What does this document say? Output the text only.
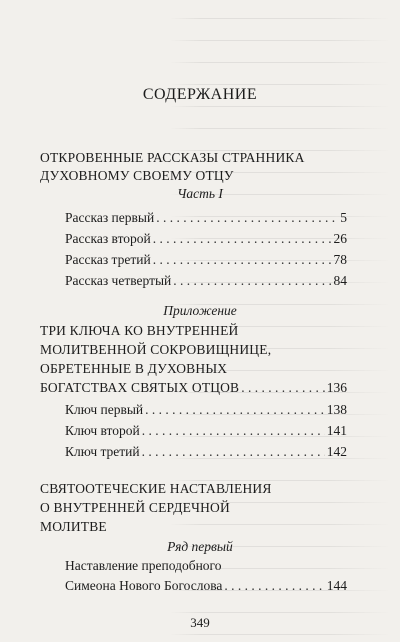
СОДЕРЖАНИЕ
ОТКРОВЕННЫЕ РАССКАЗЫ СТРАННИКА
ДУХОВНОМУ СВОЕМУ ОТЦУ
Часть I
Рассказ первый . . .	5
Рассказ второй . . .	26
Рассказ третий . . .	78
Рассказ четвертый . . .	84
Приложение
ТРИ КЛЮЧА КО ВНУТРЕННЕЙ
МОЛИТВЕННОЙ СОКРОВИЩНИЦЕ,
ОБРЕТЕННЫЕ В ДУХОВНЫХ
БОГАТСТВАХ СВЯТЫХ ОТЦОВ . . .	136
Ключ первый . . .	138
Ключ второй . . .	141
Ключ третий . . .	142
СВЯТООТЕЧЕСКИЕ НАСТАВЛЕНИЯ
О ВНУТРЕННЕЙ СЕРДЕЧНОЙ
МОЛИТВЕ
Ряд первый
Наставление преподобного
Симеона Нового Богослова . . .	144
349
